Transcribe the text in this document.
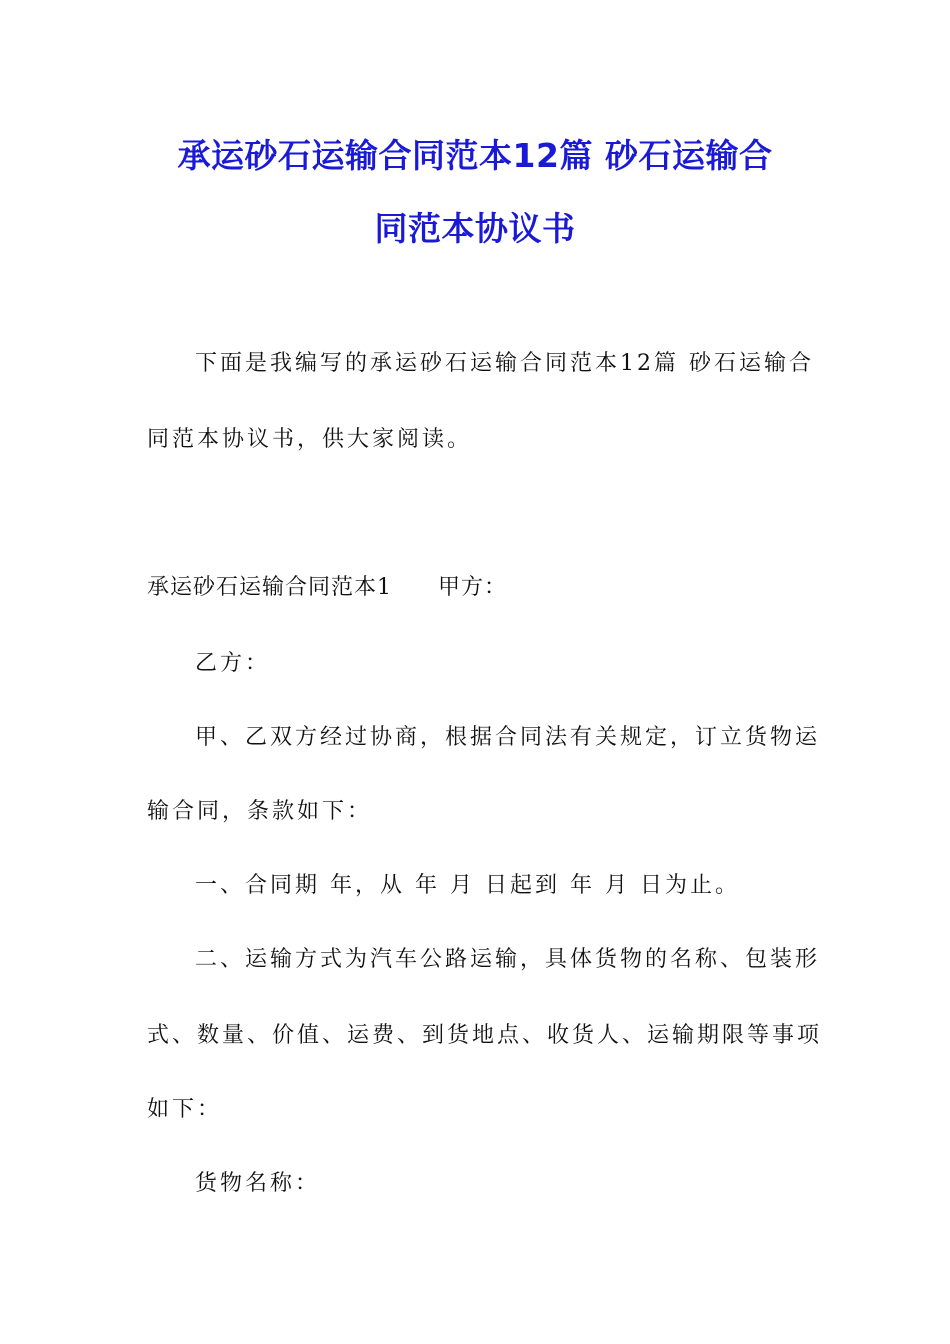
承运砂石运输合同范本12篇 砂石运输合
同范本协议书

下面是我编写的承运砂石运输合同范本12篇 砂石运输合

同范本协议书，供大家阅读。

承运砂石运输合同范本1　　甲方：

乙方：

甲、乙双方经过协商，根据合同法有关规定，订立货物运

输合同，条款如下：

一、合同期 年，从 年 月 日起到 年 月 日为止。

二、运输方式为汽车公路运输，具体货物的名称、包装形

式、数量、价值、运费、到货地点、收货人、运输期限等事项

如下：

货物名称：
